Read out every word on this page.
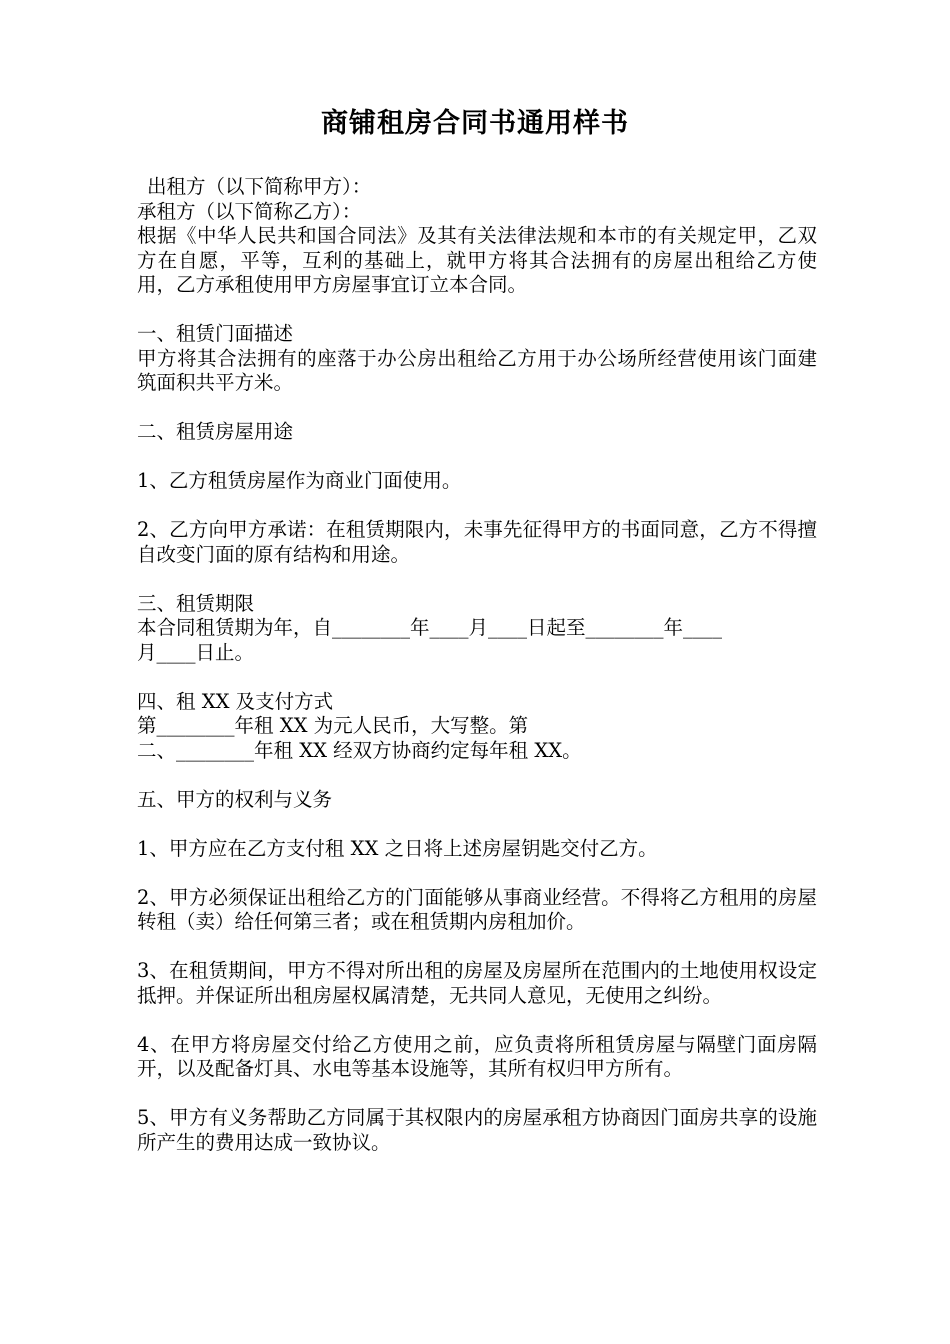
商铺租房合同书通用样书

出租方（以下简称甲方）：
承租方（以下简称乙方）：
根据《中华人民共和国合同法》及其有关法律法规和本市的有关规定甲，乙双方在自愿，平等，互利的基础上，就甲方将其合法拥有的房屋出租给乙方使用，乙方承租使用甲方房屋事宜订立本合同。

一、租赁门面描述
甲方将其合法拥有的座落于办公房出租给乙方用于办公场所经营使用该门面建筑面积共平方米。

二、租赁房屋用途

1、乙方租赁房屋作为商业门面使用。

2、乙方向甲方承诺：在租赁期限内，未事先征得甲方的书面同意，乙方不得擅自改变门面的原有结构和用途。

三、租赁期限
本合同租赁期为年，自________年____月____日起至________年____
月____日止。

四、租 XX 及支付方式
第________年租 XX 为元人民币，大写整。第
二、________年租 XX 经双方协商约定每年租 XX。

五、甲方的权利与义务

1、甲方应在乙方支付租 XX 之日将上述房屋钥匙交付乙方。

2、甲方必须保证出租给乙方的门面能够从事商业经营。不得将乙方租用的房屋转租（卖）给任何第三者；或在租赁期内房租加价。

3、在租赁期间，甲方不得对所出租的房屋及房屋所在范围内的土地使用权设定抵押。并保证所出租房屋权属清楚，无共同人意见，无使用之纠纷。

4、在甲方将房屋交付给乙方使用之前，应负责将所租赁房屋与隔壁门面房隔开，以及配备灯具、水电等基本设施等，其所有权归甲方所有。

5、甲方有义务帮助乙方同属于其权限内的房屋承租方协商因门面房共享的设施所产生的费用达成一致协议。
